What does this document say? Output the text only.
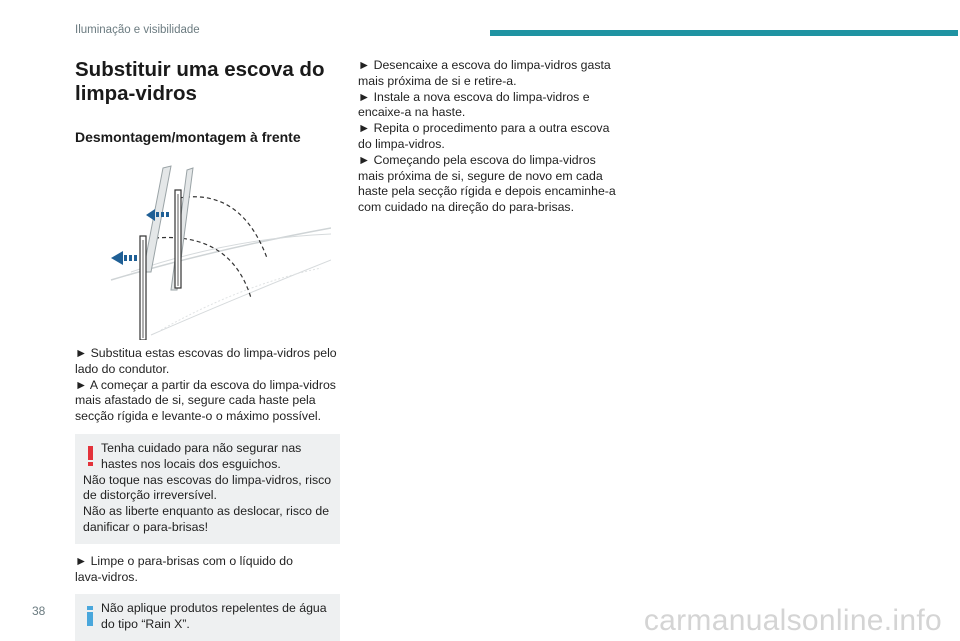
Iluminação e visibilidade
Substituir uma escova do
limpa-vidros
Desmontagem/montagem à frente

► Substitua estas escovas do limpa-vidros pelo

lado do condutor.

► A começar a partir da escova do limpa-vidros

mais afastado de si, segure cada haste pela

secção rígida e levante-o o máximo possível.

Tenha cuidado para não segurar nas

hastes nos locais dos esguichos.

Não toque nas escovas do limpa-vidros, risco

de distorção irreversível.

Não as liberte enquanto as deslocar, risco de

danificar o para-brisas!

► Limpe o para-brisas com o líquido do

lava-vidros.

Não aplique produtos repelentes de água

do tipo “Rain X”.

► Desencaixe a escova do limpa-vidros gasta

mais próxima de si e retire-a.

► Instale a nova escova do limpa-vidros e

encaixe-a na haste.

► Repita o procedimento para a outra escova

do limpa-vidros.

► Começando pela escova do limpa-vidros

mais próxima de si, segure de novo em cada

haste pela secção rígida e depois encaminhe-a

com cuidado na direção do para-brisas.

38	carmanualsonline.info
